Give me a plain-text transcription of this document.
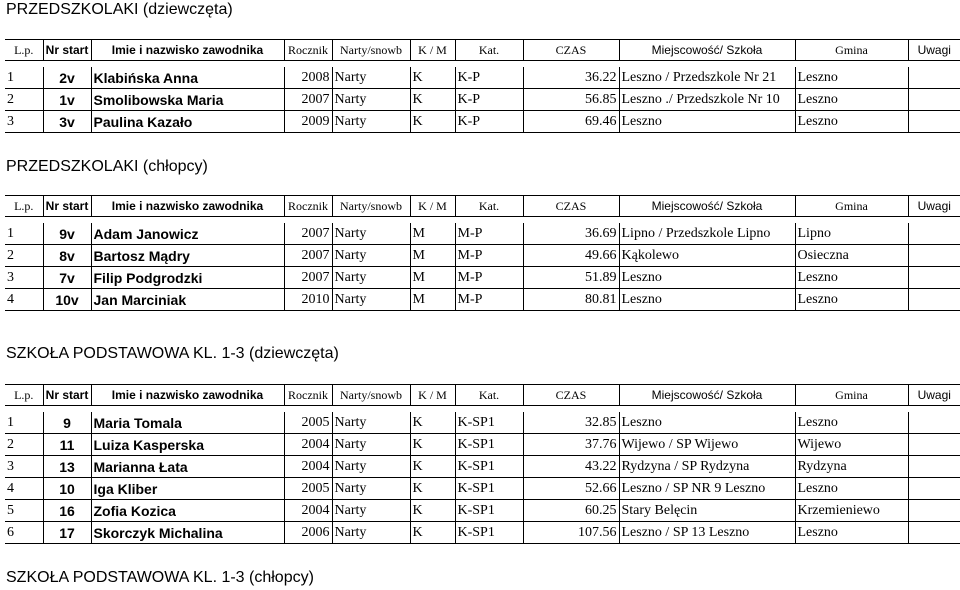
PRZEDSZKOLAKI (dziewczęta)
L.p.	Nr start	Imie i nazwisko zawodnika	Rocznik	Narty/snowb	K / M	Kat.	CZAS	Miejscowość/ Szkoła	Gmina	Uwagi

1	2v	Klabińska Anna	2008	Narty	K	K-P	36.22	Leszno / Przedszkole Nr 21	Leszno	
2	1v	Smolibowska Maria	2007	Narty	K	K-P	56.85	Leszno ./ Przedszkole Nr 10	Leszno	
3	3v	Paulina Kazało	2009	Narty	K	K-P	69.46	Leszno	Leszno	
PRZEDSZKOLAKI (chłopcy)
L.p.	Nr start	Imie i nazwisko zawodnika	Rocznik	Narty/snowb	K / M	Kat.	CZAS	Miejscowość/ Szkoła	Gmina	Uwagi

1	9v	Adam Janowicz	2007	Narty	M	M-P	36.69	Lipno / Przedszkole Lipno	Lipno	
2	8v	Bartosz Mądry	2007	Narty	M	M-P	49.66	Kąkolewo	Osieczna	
3	7v	Filip Podgrodzki	2007	Narty	M	M-P	51.89	Leszno	Leszno	
4	10v	Jan Marciniak	2010	Narty	M	M-P	80.81	Leszno	Leszno	
SZKOŁA PODSTAWOWA KL. 1-3 (dziewczęta)
L.p.	Nr start	Imie i nazwisko zawodnika	Rocznik	Narty/snowb	K / M	Kat.	CZAS	Miejscowość/ Szkoła	Gmina	Uwagi

1	9	Maria Tomala	2005	Narty	K	K-SP1	32.85	Leszno	Leszno	
2	11	Luiza Kasperska	2004	Narty	K	K-SP1	37.76	Wijewo / SP Wijewo	Wijewo	
3	13	Marianna Łata	2004	Narty	K	K-SP1	43.22	Rydzyna / SP Rydzyna	Rydzyna	
4	10	Iga Kliber	2005	Narty	K	K-SP1	52.66	Leszno / SP NR 9 Leszno	Leszno	
5	16	Zofia Kozica	2004	Narty	K	K-SP1	60.25	Stary Belęcin	Krzemieniewo	
6	17	Skorczyk Michalina	2006	Narty	K	K-SP1	107.56	Leszno / SP 13 Leszno	Leszno	
SZKOŁA PODSTAWOWA KL. 1-3 (chłopcy)
